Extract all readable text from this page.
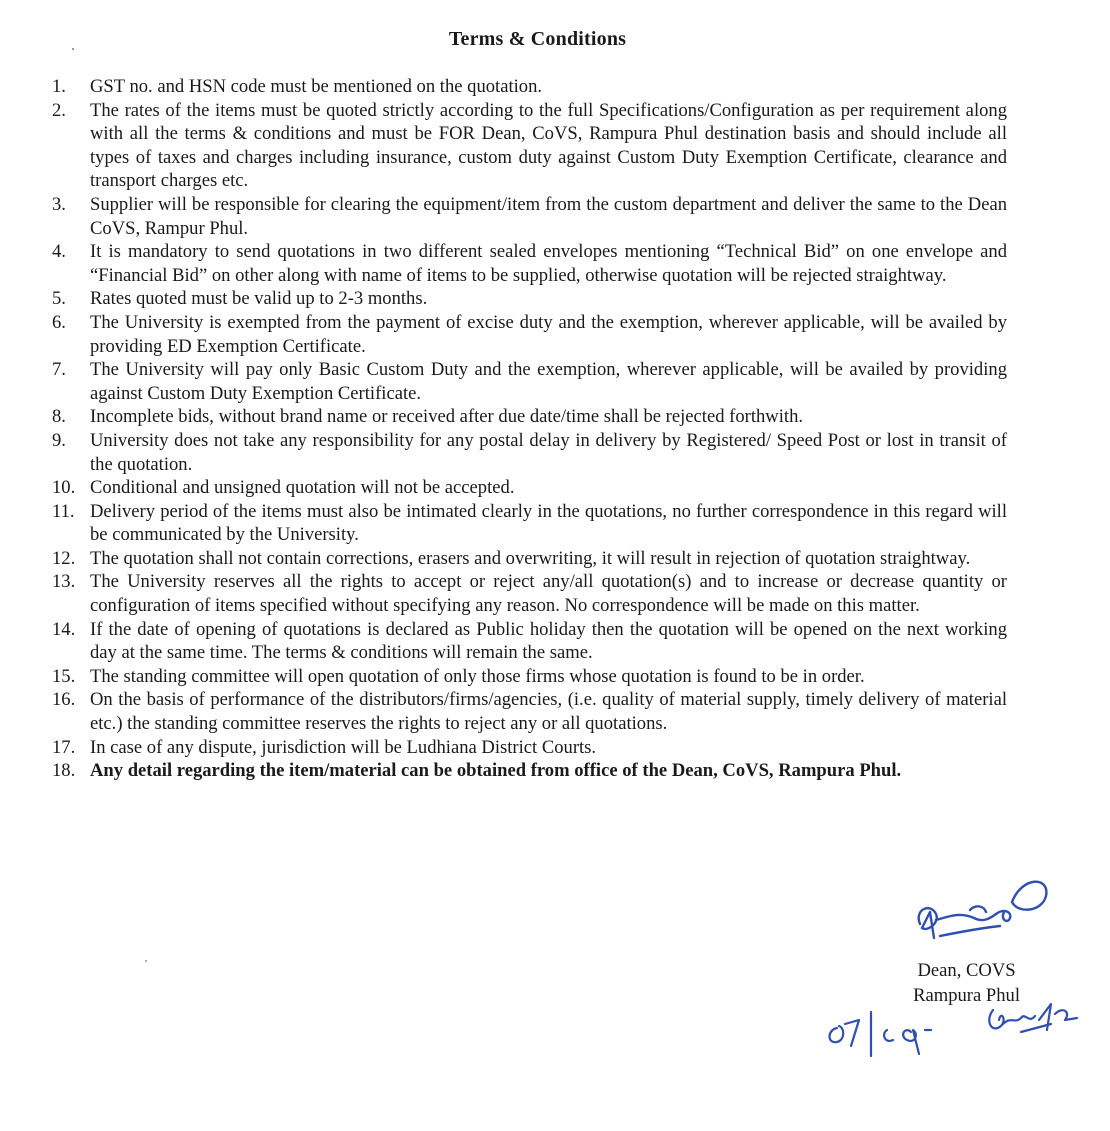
Terms & Conditions
1.	GST no. and HSN code must be mentioned on the quotation.
2.	The rates of the items must be quoted strictly according to the full Specifications/Configuration as per requirement along with all the terms & conditions and must be FOR Dean, CoVS, Rampura Phul destination basis and should include all types of taxes and charges including insurance, custom duty against Custom Duty Exemption Certificate, clearance and transport charges etc.
3.	Supplier will be responsible for clearing the equipment/item from the custom department and deliver the same to the Dean CoVS, Rampur Phul.
4.	It is mandatory to send quotations in two different sealed envelopes mentioning “Technical Bid” on one envelope and “Financial Bid” on other along with name of items to be supplied, otherwise quotation will be rejected straightway.
5.	Rates quoted must be valid up to 2-3 months.
6.	The University is exempted from the payment of excise duty and the exemption, wherever applicable, will be availed by providing ED Exemption Certificate.
7.	The University will pay only Basic Custom Duty and the exemption, wherever applicable, will be availed by providing against Custom Duty Exemption Certificate.
8.	Incomplete bids, without brand name or received after due date/time shall be rejected forthwith.
9.	University does not take any responsibility for any postal delay in delivery by Registered/ Speed Post or lost in transit of the quotation.
10. Conditional and unsigned quotation will not be accepted.
11. Delivery period of the items must also be intimated clearly in the quotations, no further correspondence in this regard will be communicated by the University.
12. The quotation shall not contain corrections, erasers and overwriting, it will result in rejection of quotation straightway.
13. The University reserves all the rights to accept or reject any/all quotation(s) and to increase or decrease quantity or configuration of items specified without specifying any reason. No correspondence will be made on this matter.
14. If the date of opening of quotations is declared as Public holiday then the quotation will be opened on the next working day at the same time. The terms & conditions will remain the same.
15. The standing committee will open quotation of only those firms whose quotation is found to be in order.
16. On the basis of performance of the distributors/firms/agencies, (i.e. quality of material supply, timely delivery of material etc.) the standing committee reserves the rights to reject any or all quotations.
17. In case of any dispute, jurisdiction will be Ludhiana District Courts.
18. Any detail regarding the item/material can be obtained from office of the Dean, CoVS, Rampura Phul.
Dean, COVS
Rampura Phul
